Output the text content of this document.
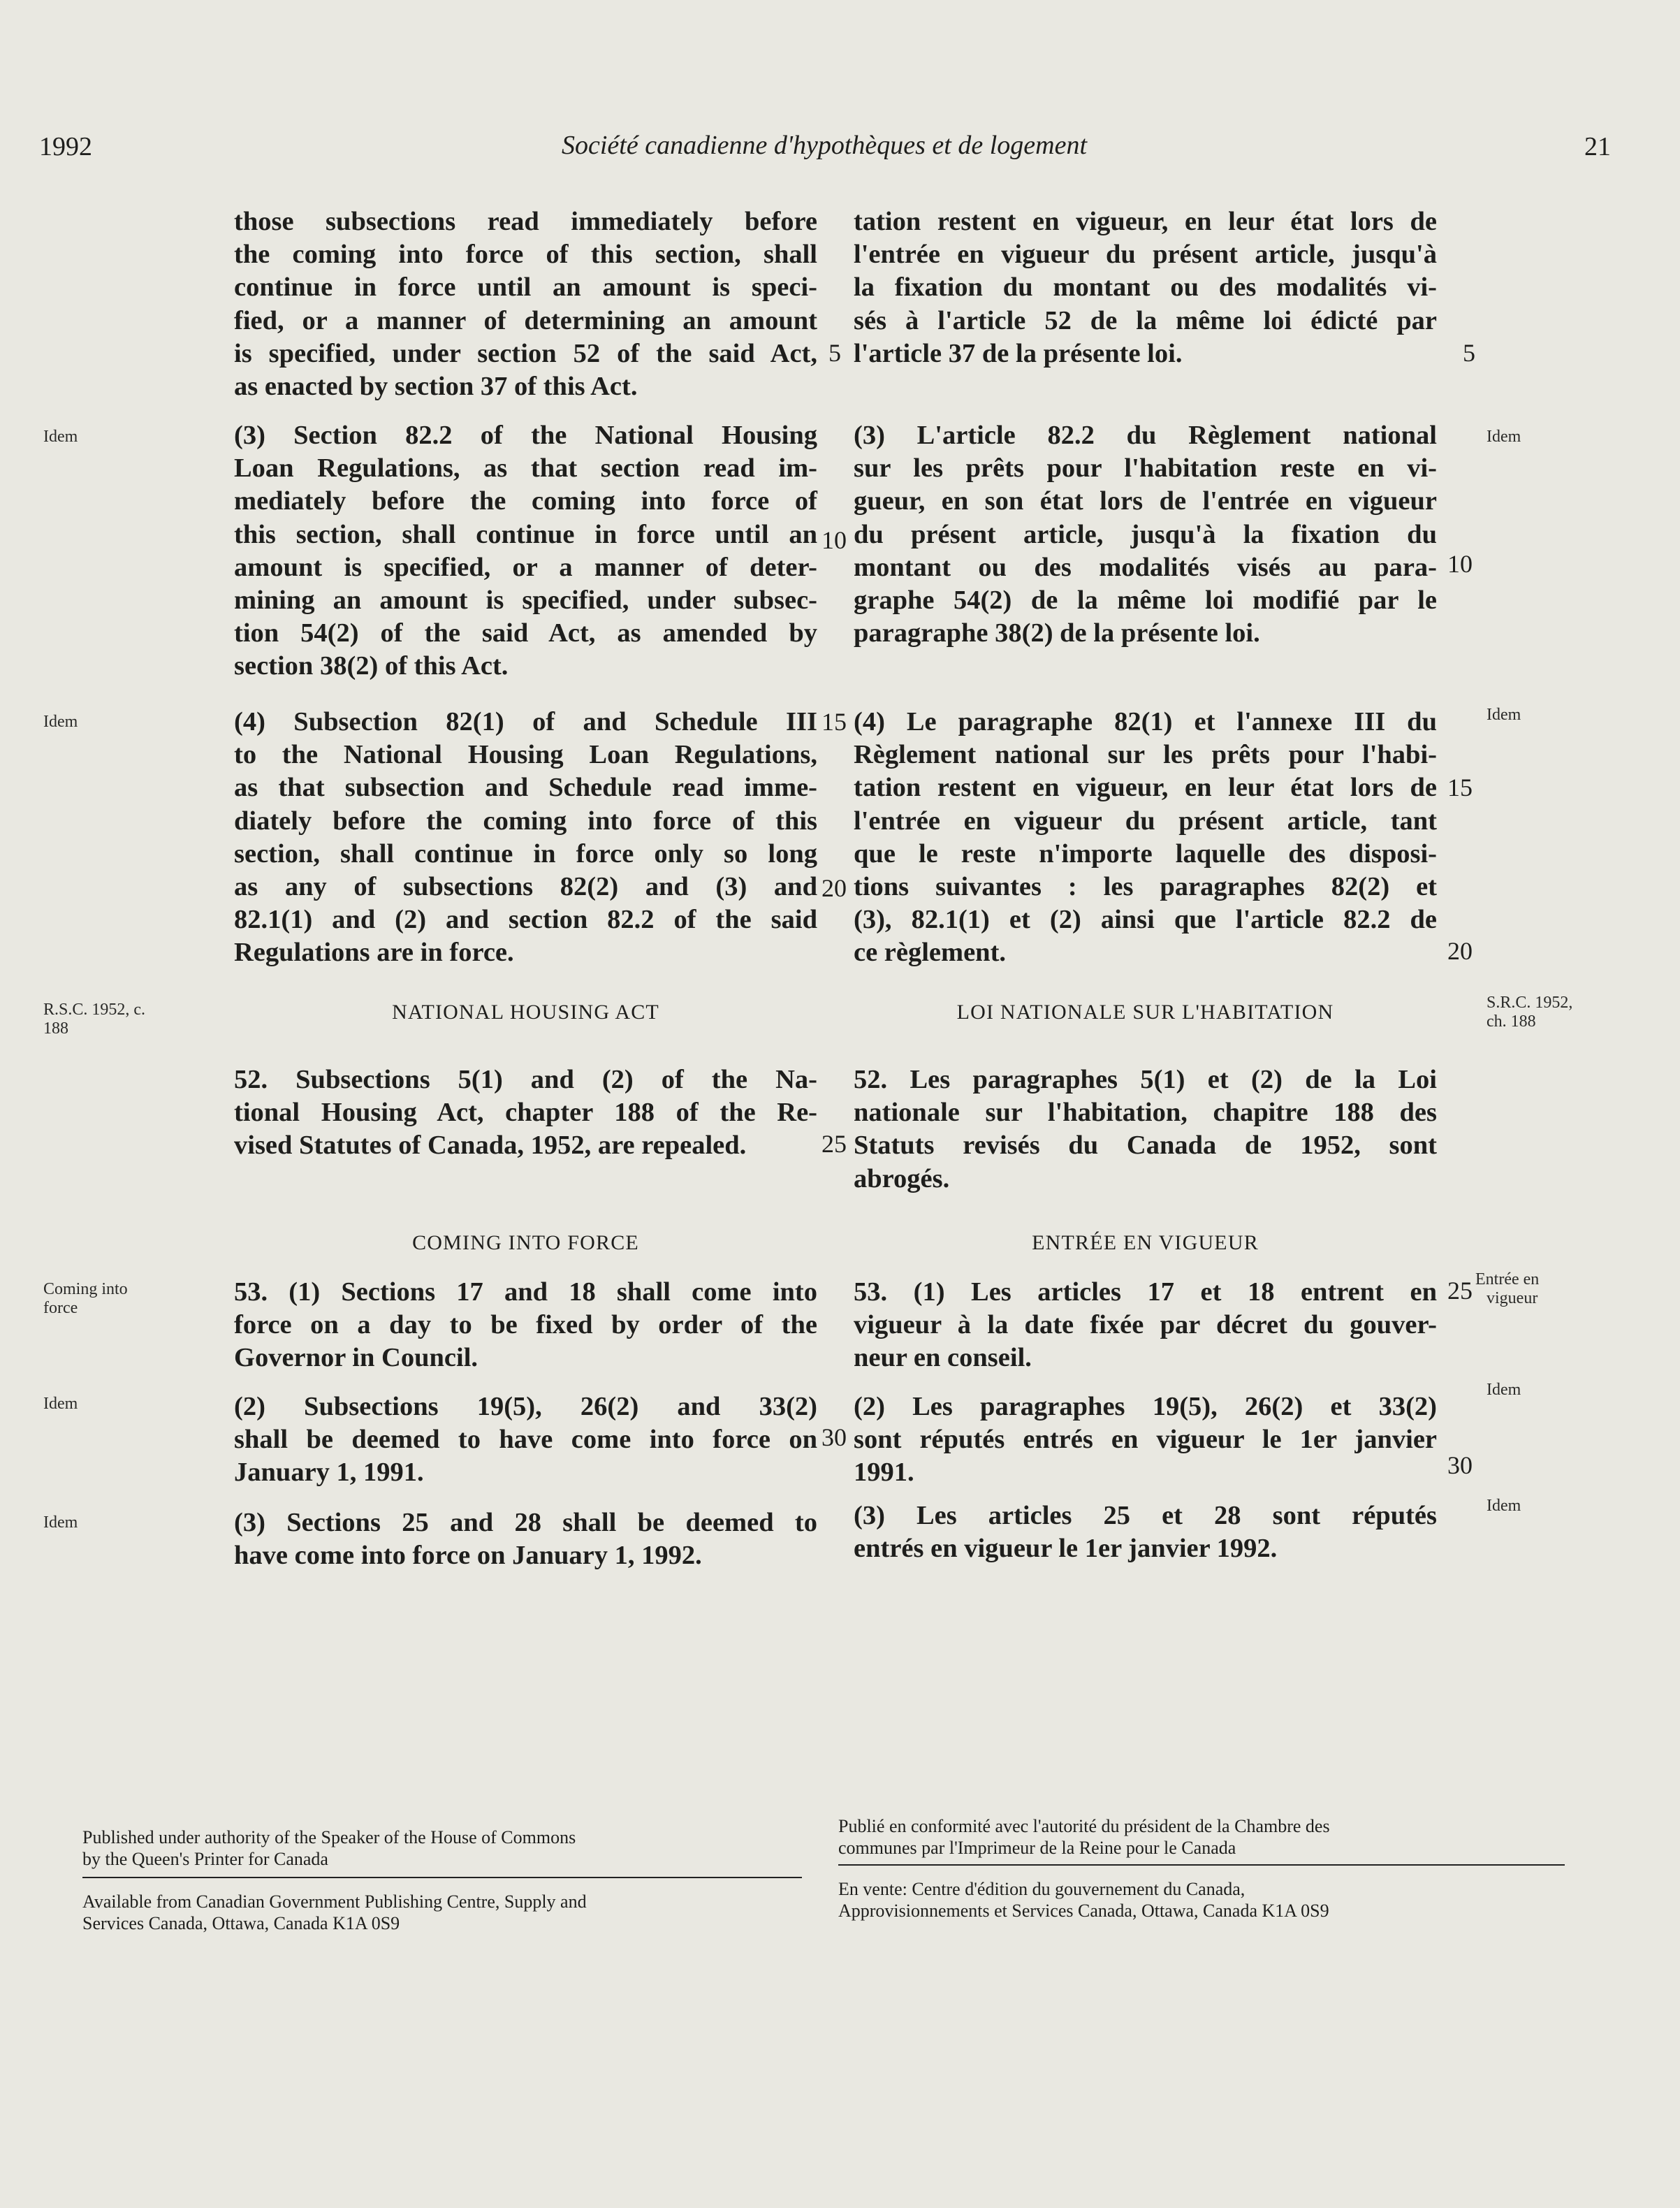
1992	Société canadienne d'hypothèques et de logement	21
Idem
Idem
R.S.C. 1952, c.
188
Coming into
force
Idem
Idem
those subsections read immediately before
the coming into force of this section, shall
continue in force until an amount is speci-
fied, or a manner of determining an amount
is specified, under section 52 of the said Act,
as enacted by section 37 of this Act.
(3) Section 82.2 of the National Housing
Loan Regulations, as that section read im-
mediately before the coming into force of
this section, shall continue in force until an
amount is specified, or a manner of deter-
mining an amount is specified, under subsec-
tion 54(2) of the said Act, as amended by
section 38(2) of this Act.
(4) Subsection 82(1) of and Schedule III
to the National Housing Loan Regulations,
as that subsection and Schedule read imme-
diately before the coming into force of this
section, shall continue in force only so long
as any of subsections 82(2) and (3) and
82.1(1) and (2) and section 82.2 of the said
Regulations are in force.
NATIONAL HOUSING ACT
52. Subsections 5(1) and (2) of the Na-
tional Housing Act, chapter 188 of the Re-
vised Statutes of Canada, 1952, are repealed.
COMING INTO FORCE
53. (1) Sections 17 and 18 shall come into
force on a day to be fixed by order of the
Governor in Council.
(2) Subsections 19(5), 26(2) and 33(2)
shall be deemed to have come into force on
January 1, 1991.
(3) Sections 25 and 28 shall be deemed to
have come into force on January 1, 1992.
5
10
15
20
25
30
tation restent en vigueur, en leur état lors de
l'entrée en vigueur du présent article, jusqu'à
la fixation du montant ou des modalités vi-
sés à l'article 52 de la même loi édicté par
l'article 37 de la présente loi.
(3) L'article 82.2 du Règlement national
sur les prêts pour l'habitation reste en vi-
gueur, en son état lors de l'entrée en vigueur
du présent article, jusqu'à la fixation du
montant ou des modalités visés au para-
graphe 54(2) de la même loi modifié par le
paragraphe 38(2) de la présente loi.
(4) Le paragraphe 82(1) et l'annexe III du
Règlement national sur les prêts pour l'habi-
tation restent en vigueur, en leur état lors de
l'entrée en vigueur du présent article, tant
que le reste n'importe laquelle des disposi-
tions suivantes : les paragraphes 82(2) et
(3), 82.1(1) et (2) ainsi que l'article 82.2 de
ce règlement.
LOI NATIONALE SUR L'HABITATION
52. Les paragraphes 5(1) et (2) de la Loi
nationale sur l'habitation, chapitre 188 des
Statuts revisés du Canada de 1952, sont
abrogés.
ENTRÉE EN VIGUEUR
53. (1) Les articles 17 et 18 entrent en
vigueur à la date fixée par décret du gouver-
neur en conseil.
(2) Les paragraphes 19(5), 26(2) et 33(2)
sont réputés entrés en vigueur le 1er janvier
1991.
(3) Les articles 25 et 28 sont réputés
entrés en vigueur le 1er janvier 1992.
5
10
15
20
25
30
Idem
Idem
S.R.C. 1952,
ch. 188
Entrée en
vigueur
Idem
Idem
Published under authority of the Speaker of the House of Commons
by the Queen's Printer for Canada
Available from Canadian Government Publishing Centre, Supply and
Services Canada, Ottawa, Canada K1A 0S9
Publié en conformité avec l'autorité du président de la Chambre des
communes par l'Imprimeur de la Reine pour le Canada
En vente: Centre d'édition du gouvernement du Canada,
Approvisionnements et Services Canada, Ottawa, Canada K1A 0S9
